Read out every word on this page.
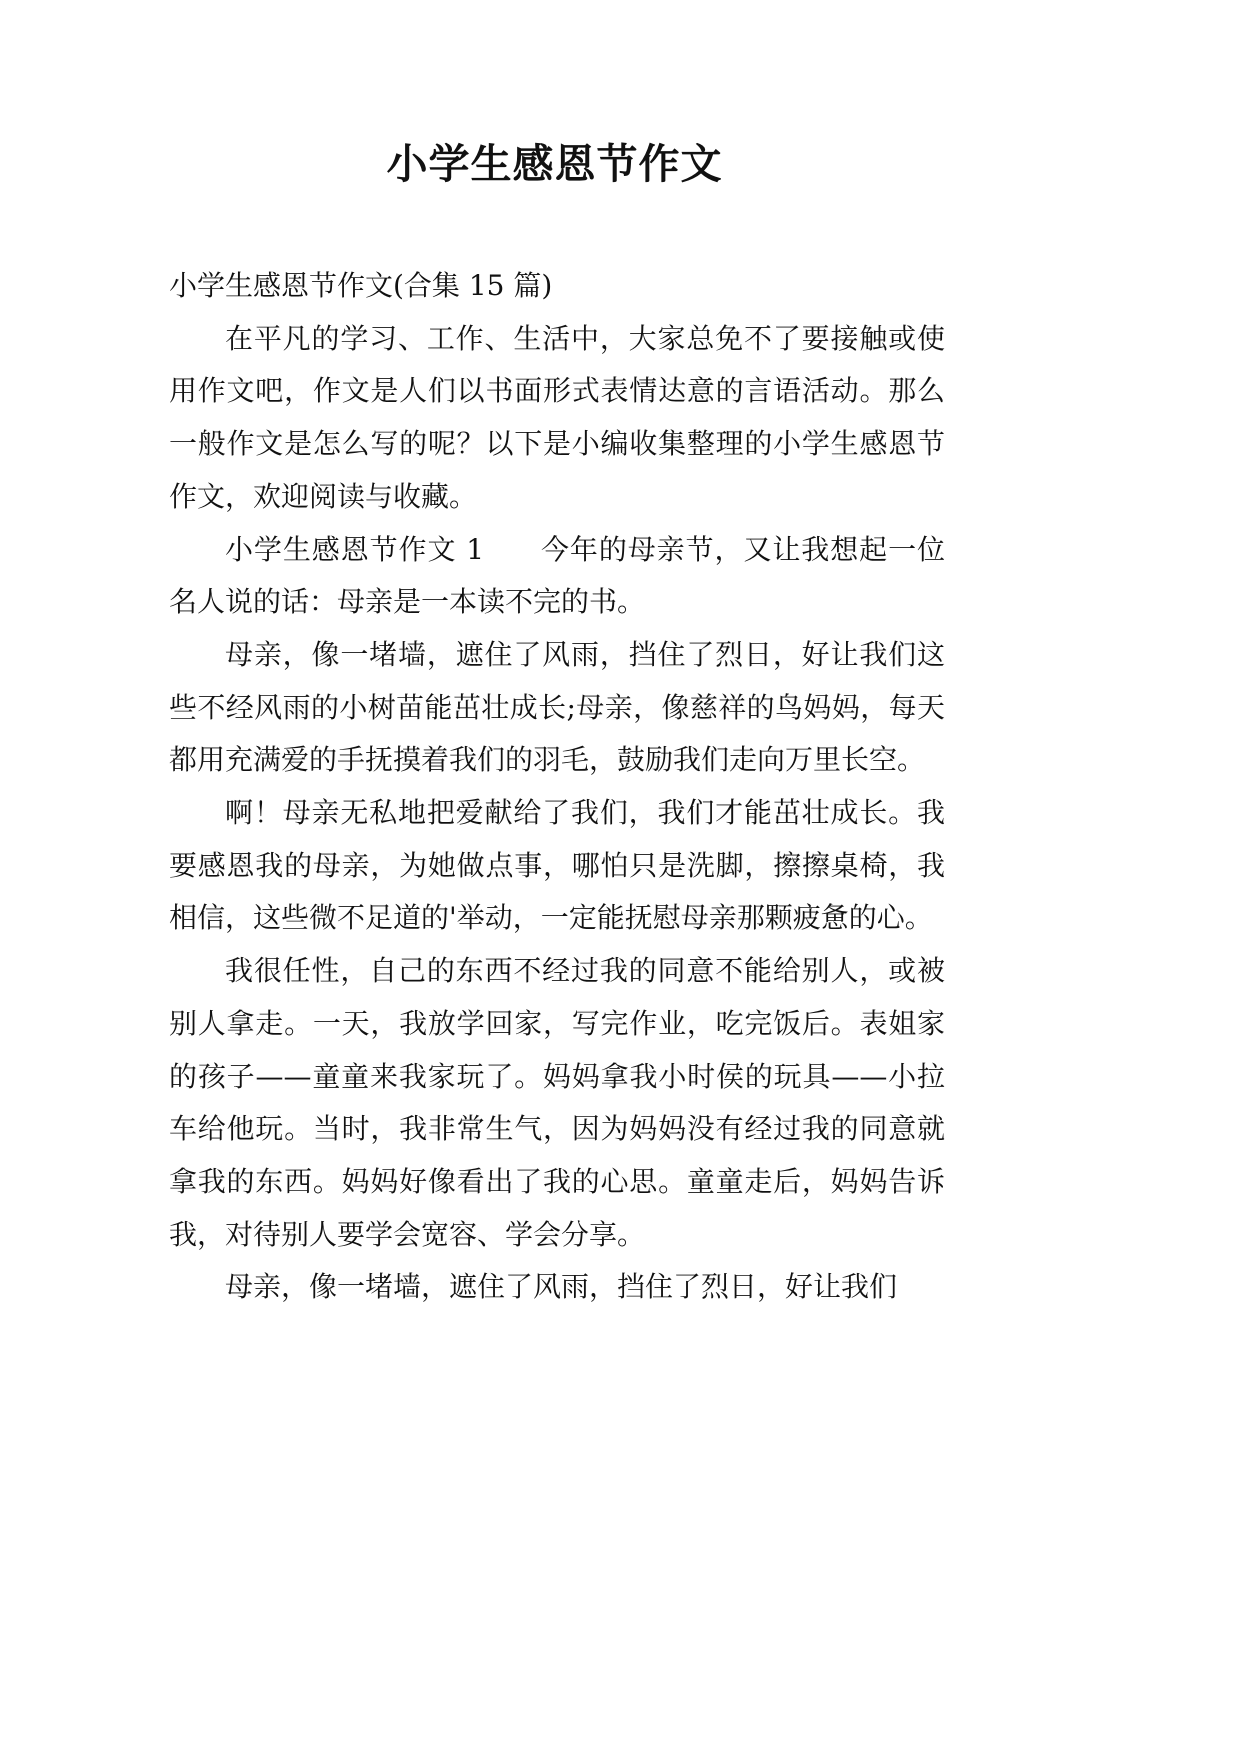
小学生感恩节作文

小学生感恩节作文(合集 15 篇)

在平凡的学习、工作、生活中，大家总免不了要接触或使用作文吧，作文是人们以书面形式表情达意的言语活动。那么一般作文是怎么写的呢？以下是小编收集整理的小学生感恩节作文，欢迎阅读与收藏。

小学生感恩节作文 1 今年的母亲节，又让我想起一位名人说的话：母亲是一本读不完的书。

母亲，像一堵墙，遮住了风雨，挡住了烈日，好让我们这些不经风雨的小树苗能茁壮成长;母亲，像慈祥的鸟妈妈，每天都用充满爱的手抚摸着我们的羽毛，鼓励我们走向万里长空。

啊！母亲无私地把爱献给了我们，我们才能茁壮成长。我要感恩我的母亲，为她做点事，哪怕只是洗脚，擦擦桌椅，我相信，这些微不足道的'举动，一定能抚慰母亲那颗疲惫的心。

我很任性，自己的东西不经过我的同意不能给别人，或被别人拿走。一天，我放学回家，写完作业，吃完饭后。表姐家的孩子——童童来我家玩了。妈妈拿我小时侯的玩具——小拉车给他玩。当时，我非常生气，因为妈妈没有经过我的同意就拿我的东西。妈妈好像看出了我的心思。童童走后，妈妈告诉我，对待别人要学会宽容、学会分享。

母亲，像一堵墙，遮住了风雨，挡住了烈日，好让我们
